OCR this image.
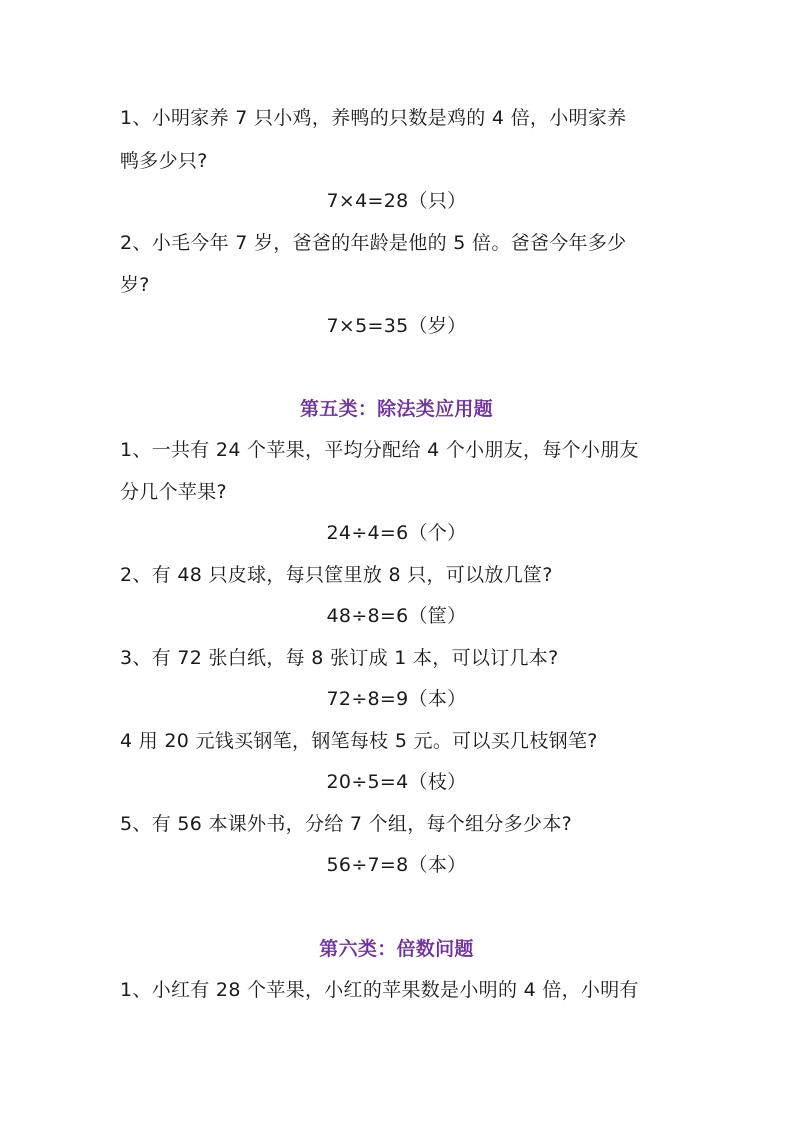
1、小明家养 7 只小鸡，养鸭的只数是鸡的 4 倍，小明家养
鸭多少只?
7×4=28（只）
2、小毛今年 7 岁，爸爸的年龄是他的 5 倍。爸爸今年多少
岁?
7×5=35（岁）
第五类：除法类应用题
1、一共有 24 个苹果，平均分配给 4 个小朋友，每个小朋友
分几个苹果?
24÷4=6（个）
2、有 48 只皮球，每只筐里放 8 只，可以放几筐?
48÷8=6（筐）
3、有 72 张白纸，每 8 张订成 1 本，可以订几本?
72÷8=9（本）
4 用 20 元钱买钢笔，钢笔每枝 5 元。可以买几枝钢笔?
20÷5=4（枝）
5、有 56 本课外书，分给 7 个组，每个组分多少本?
56÷7=8（本）
第六类：倍数问题
1、小红有 28 个苹果，小红的苹果数是小明的 4 倍，小明有
